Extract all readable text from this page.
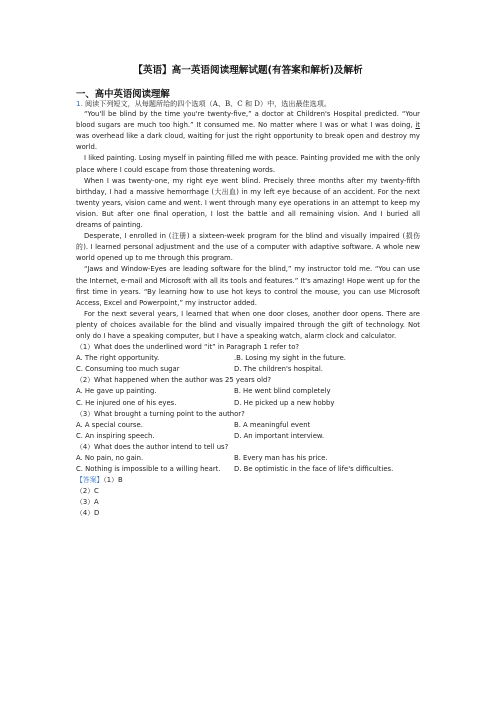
【英语】高一英语阅读理解试题(有答案和解析)及解析
一、高中英语阅读理解

1. 阅读下列短文，从每题所给的四个选项（A、B、C 和 D）中，选出最佳选项。

“You'll be blind by the time you're twenty-five,” a doctor at Children's Hospital predicted. “Your blood sugars are much too high.” It consumed me. No matter where I was or what I was doing, it was overhead like a dark cloud, waiting for just the right opportunity to break open and destroy my world.

I liked painting. Losing myself in painting filled me with peace. Painting provided me with the only place where I could escape from those threatening words.

When I was twenty-one, my right eye went blind. Precisely three months after my twenty-fifth birthday, I had a massive hemorrhage (大出血) in my left eye because of an accident. For the next twenty years, vision came and went. I went through many eye operations in an attempt to keep my vision. But after one final operation, I lost the battle and all remaining vision. And I buried all dreams of painting.

Desperate, I enrolled in (注册) a sixteen-week program for the blind and visually impaired (损伤的). I learned personal adjustment and the use of a computer with adaptive software. A whole new world opened up to me through this program.

“Jaws and Window-Eyes are leading software for the blind,” my instructor told me. “You can use the Internet, e-mail and Microsoft with all its tools and features.” It's amazing! Hope went up for the first time in years. “By learning how to use hot keys to control the mouse, you can use Microsoft Access, Excel and Powerpoint,” my instructor added.

For the next several years, I learned that when one door closes, another door opens. There are plenty of choices available for the blind and visually impaired through the gift of technology. Not only do I have a speaking computer, but I have a speaking watch, alarm clock and calculator.

（1）What does the underlined word “it” in Paragraph 1 refer to?

A. The right opportunity.	.B. Losing my sight in the future.
C. Consuming too much sugar	D. The children's hospital.

（2）What happened when the author was 25 years old?

A. He gave up painting.	B. He went blind completely
C. He injured one of his eyes.	D. He picked up a new hobby

（3）What brought a turning point to the author?

A. A special course.	B. A meaningful event
C. An inspiring speech.	D. An important interview.

（4）What does the author intend to tell us?

A. No pain, no gain.	B. Every man has his price.
C. Nothing is impossible to a willing heart.	D. Be optimistic in the face of life's difficulties.

【答案】（1）B

（2）C

（3）A

（4）D
